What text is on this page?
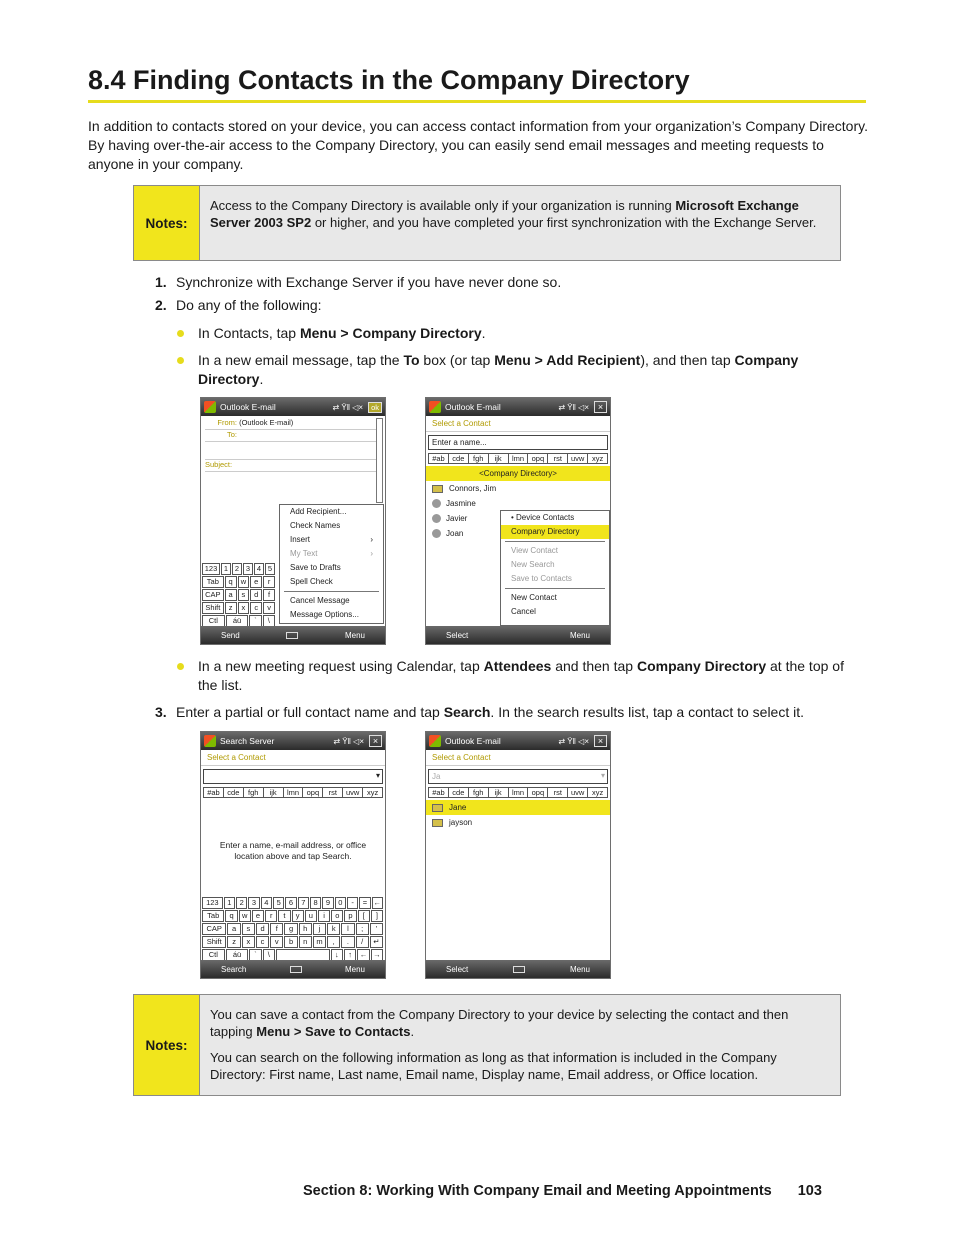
8.4 Finding Contacts in the Company Directory
In addition to contacts stored on your device, you can access contact information from your organization’s Company Directory. By having over-the-air access to the Company Directory, you can easily send email messages and meeting requests to anyone in your company.
Notes:

Access to the Company Directory is available only if your organization is running Microsoft Exchange Server 2003 SP2 or higher, and you have completed your first synchronization with the Exchange Server.

1. Synchronize with Exchange Server if you have never done so.
2. Do any of the following:
In Contacts, tap Menu > Company Directory.
In a new email message, tap the To box (or tap Menu > Add Recipient), and then tap Company Directory.
Outlook E-mail	⇄ Ÿ‖ ◁×	ok
From: (Outlook E-mail)
To:
Subject:
Add Recipient...
Check Names
Insert	›
My Text	›
Save to Drafts
Spell Check
Cancel Message
Message Options...
123 1 2 3 4 5
Tab	q	w	e	r
CAP	a	s	d	f
Shift	z	x	c	v
Ctl	áü	`	\
Send	Menu
Outlook E-mail	⇄ Ÿ‖ ◁× ×
Select a Contact
Enter a name...
#ab	cde	fgh	ijk	lmn	opq	rst	uvw	xyz
<Company Directory>
Connors, Jim
Jasmine
Javier
Joan
• Device Contacts
Company Directory
View Contact
New Search
Save to Contacts
New Contact
Cancel
Select	Menu
In a new meeting request using Calendar, tap Attendees and then tap Company Directory at the top of the list.
3. Enter a partial or full contact name and tap Search. In the search results list, tap a contact to select it.
Search Server	⇄ Ÿ‖ ◁× ×
Select a Contact
▾
#ab	cde	fgh	ijk	lmn	opq	rst	uvw	xyz
Enter a name, e-mail address, or office location above and tap Search.
123	1	2	3	4	5	6	7	8	9	0	-	= ←
Tab	q	w	e	r	t	y	u	i	o	p	[	]
CAP	a	s	d	f	g	h	j	k	l	;	'
Shift	z	x	c	v	b	n	m	,	.	/	↵
Ctl	áü	`	\	↓	↑	← →
Search	Menu
Outlook E-mail	⇄ Ÿ‖ ◁× ×
Select a Contact
Ja	▾
#ab	cde	fgh	ijk	lmn	opq	rst	uvw	xyz
Jane
jayson
Select	Menu
Notes:

You can save a contact from the Company Directory to your device by selecting the contact and then tapping Menu > Save to Contacts.

You can search on the following information as long as that information is included in the Company Directory: First name, Last name, Email name, Display name, Email address, or Office location.

Section 8: Working With Company Email and Meeting Appointments 103
